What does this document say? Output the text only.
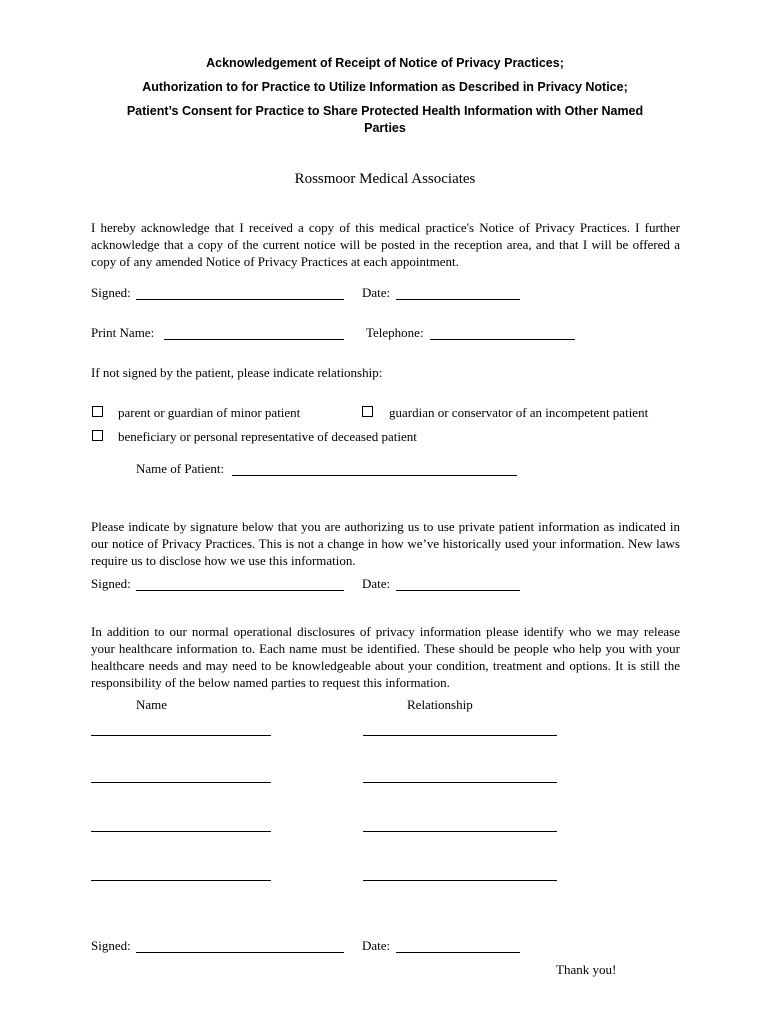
Acknowledgement of Receipt of Notice of Privacy Practices;
Authorization to for Practice to Utilize Information as Described in Privacy Notice;
Patient’s Consent for Practice to Share Protected Health Information with Other Named
Parties
Rossmoor Medical Associates
I hereby acknowledge that I received a copy of this medical practice's Notice of Privacy Practices. I further acknowledge that a copy of the current notice will be posted in the reception area, and that I will be offered a copy of any amended Notice of Privacy Practices at each appointment.
Signed:	Date:
Print Name:	Telephone:
If not signed by the patient, please indicate relationship:
parent or guardian of minor patient	guardian or conservator of an incompetent patient
beneficiary or personal representative of deceased patient
Name of Patient:
Please indicate by signature below that you are authorizing us to use private patient information as indicated in our notice of Privacy Practices. This is not a change in how we’ve historically used your information. New laws require us to disclose how we use this information.
Signed:	Date:
In addition to our normal operational disclosures of privacy information please identify who we may release your healthcare information to. Each name must be identified. These should be people who help you with your healthcare needs and may need to be knowledgeable about your condition, treatment and options. It is still the responsibility of the below named parties to request this information.
Name	Relationship
Signed:	Date:
Thank you!
